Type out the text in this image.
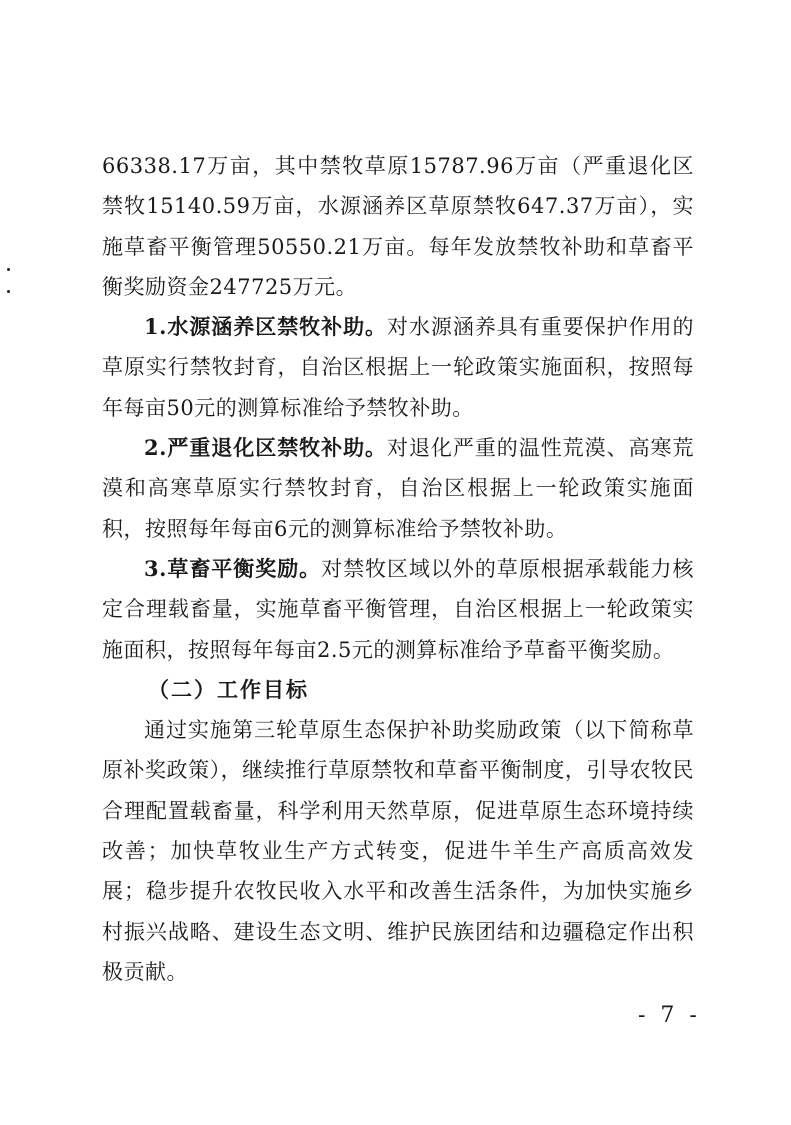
66338.17万亩，其中禁牧草原15787.96万亩（严重退化区禁牧15140.59万亩，水源涵养区草原禁牧647.37万亩），实施草畜平衡管理50550.21万亩。每年发放禁牧补助和草畜平衡奖励资金247725万元。

1.水源涵养区禁牧补助。对水源涵养具有重要保护作用的草原实行禁牧封育，自治区根据上一轮政策实施面积，按照每年每亩50元的测算标准给予禁牧补助。

2.严重退化区禁牧补助。对退化严重的温性荒漠、高寒荒漠和高寒草原实行禁牧封育，自治区根据上一轮政策实施面积，按照每年每亩6元的测算标准给予禁牧补助。

3.草畜平衡奖励。对禁牧区域以外的草原根据承载能力核定合理载畜量，实施草畜平衡管理，自治区根据上一轮政策实施面积，按照每年每亩2.5元的测算标准给予草畜平衡奖励。

（二）工作目标

通过实施第三轮草原生态保护补助奖励政策（以下简称草原补奖政策），继续推行草原禁牧和草畜平衡制度，引导农牧民合理配置载畜量，科学利用天然草原，促进草原生态环境持续改善；加快草牧业生产方式转变，促进牛羊生产高质高效发展；稳步提升农牧民收入水平和改善生活条件，为加快实施乡村振兴战略、建设生态文明、维护民族团结和边疆稳定作出积极贡献。

- 7 -
